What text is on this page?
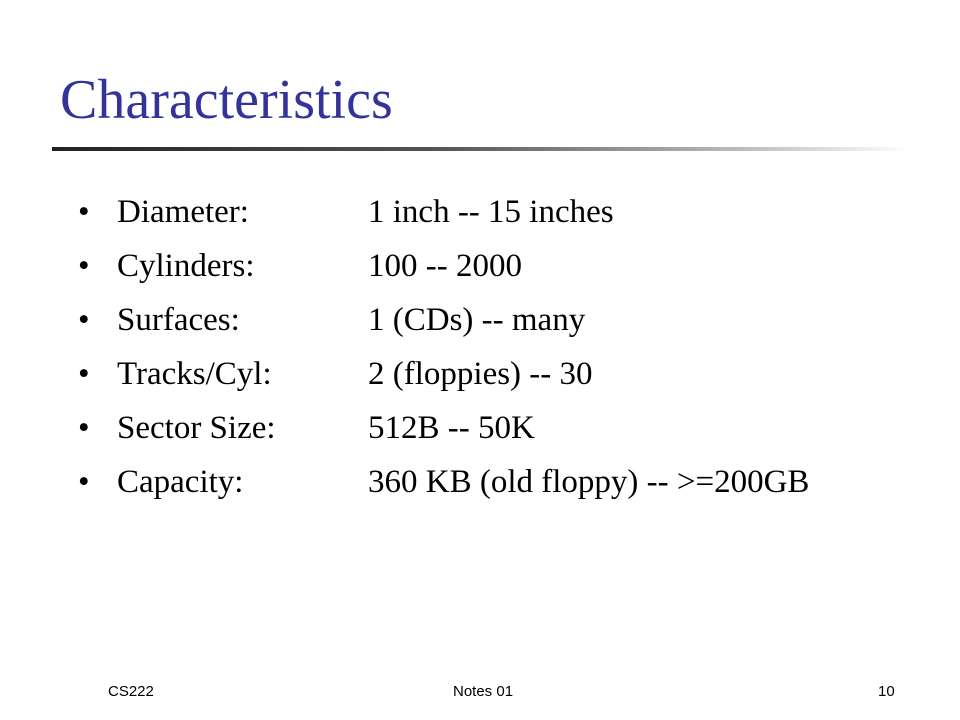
Characteristics
• Diameter:	1 inch -- 15 inches
• Cylinders:	100 -- 2000
• Surfaces:	1 (CDs) -- many
• Tracks/Cyl:	2 (floppies) -- 30
• Sector Size:	512B -- 50K
• Capacity:	360 KB (old floppy) -- >=200GB
CS222	Notes 01	10
